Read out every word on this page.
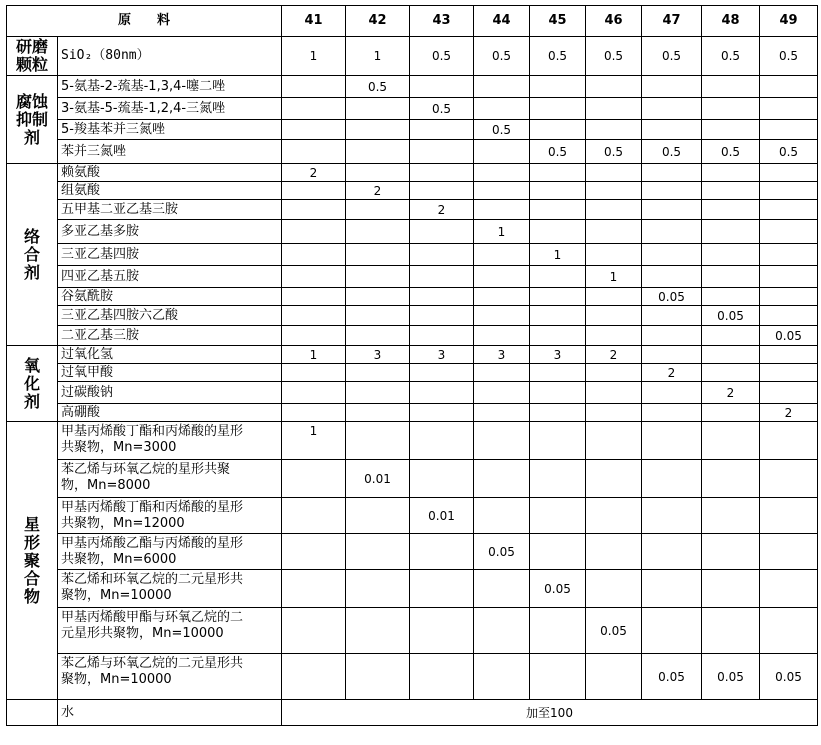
原　　料		41	42	43	44	45	46	47	48	49

研磨颗粒	SiO₂（80nm）	1	1	0.5	0.5	0.5	0.5	0.5	0.5	0.5

腐蚀抑制剂	5-氨基-2-巯基-1,3,4-噻二唑		0.5							
	3-氨基-5-巯基-1,2,4-三氮唑			0.5						
	5-羧基苯并三氮唑				0.5					
	苯并三氮唑					0.5	0.5	0.5	0.5	0.5

络合剂	赖氨酸	2								
	组氨酸		2							
	五甲基二亚乙基三胺			2						
	多亚乙基多胺				1					
	三亚乙基四胺					1				
	四亚乙基五胺						1			
	谷氨酰胺							0.05		
	三亚乙基四胺六乙酸								0.05	
	二亚乙基三胺									0.05

氧化剂	过氧化氢	1	3	3	3	3	2			
	过氧甲酸							2		
	过碳酸钠								2	
	高硼酸									2

星形聚合物	甲基丙烯酸丁酯和丙烯酸的星形
共聚物，Mn=3000	1								
	苯乙烯与环氧乙烷的星形共聚
物，Mn=8000		0.01							
	甲基丙烯酸丁酯和丙烯酸的星形
共聚物，Mn=12000			0.01						
	甲基丙烯酸乙酯与丙烯酸的星形
共聚物，Mn=6000				0.05					
	苯乙烯和环氧乙烷的二元星形共
聚物，Mn=10000					0.05				
	甲基丙烯酸甲酯与环氧乙烷的二
元星形共聚物，Mn=10000						0.05			
	苯乙烯与环氧乙烷的二元星形共
聚物，Mn=10000							0.05	0.05	0.05
	水	加至100								
